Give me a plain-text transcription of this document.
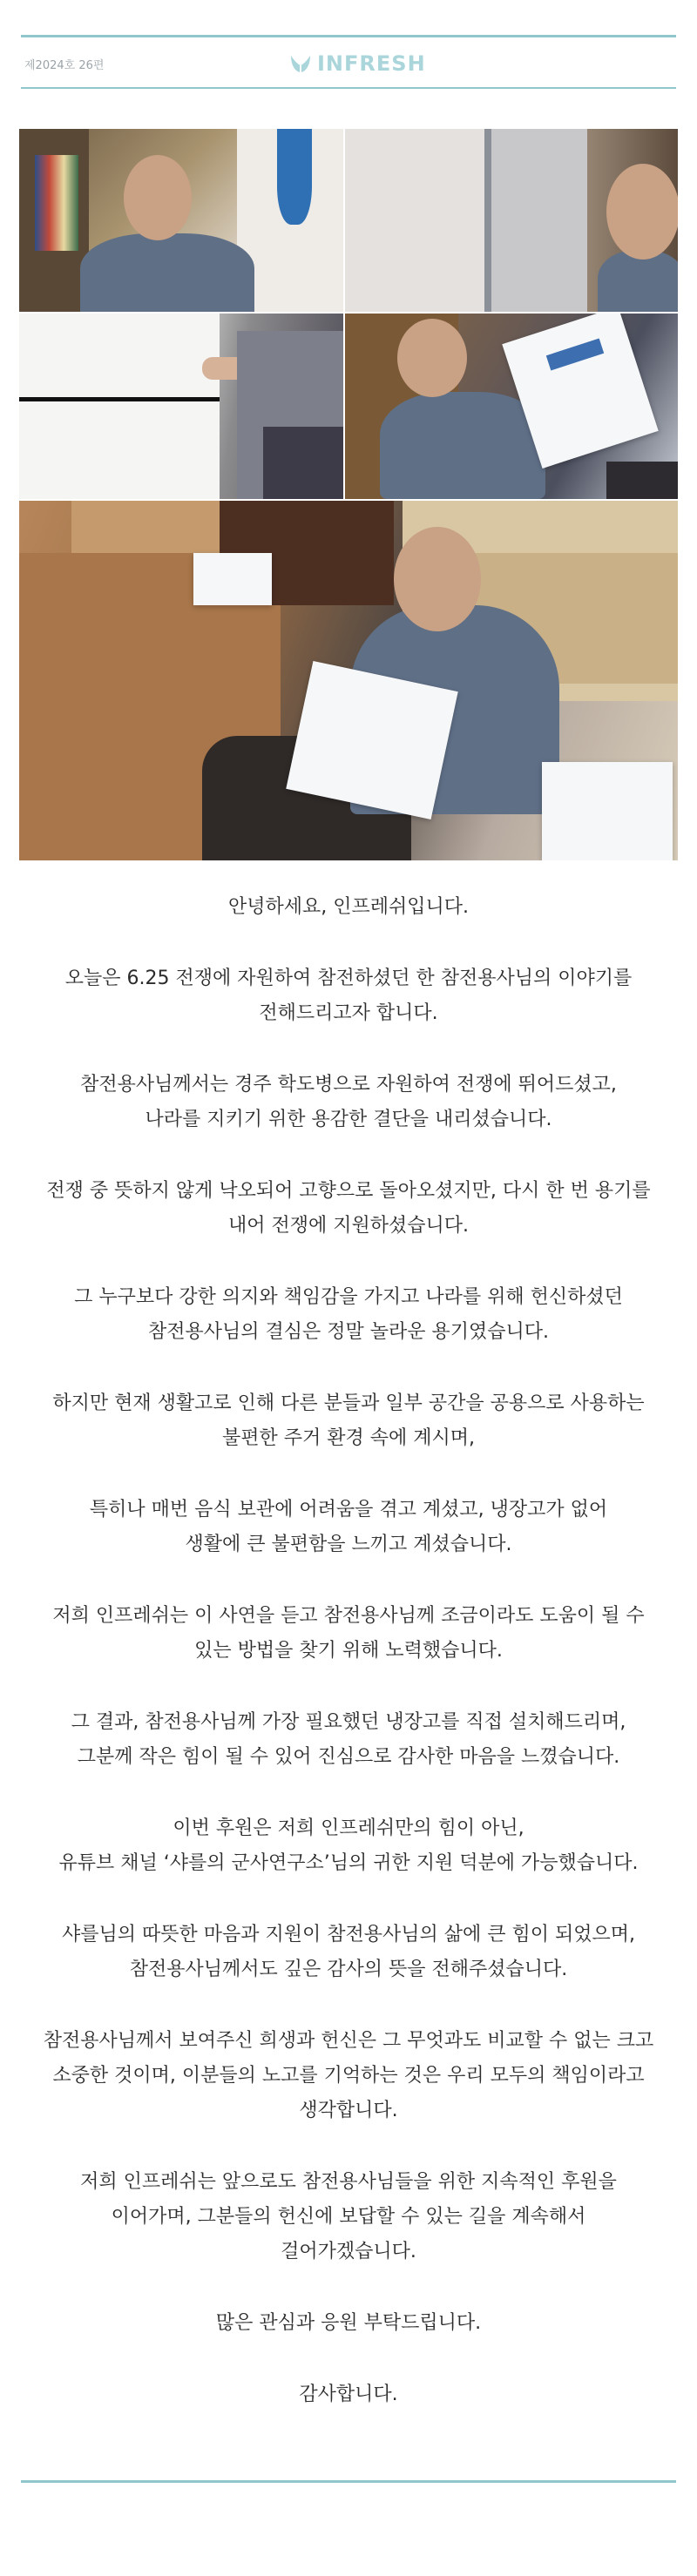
제2024호 26편	INFRESH

안녕하세요, 인프레쉬입니다.

오늘은 6.25 전쟁에 자원하여 참전하셨던 한 참전용사님의 이야기를

전해드리고자 합니다.

참전용사님께서는 경주 학도병으로 자원하여 전쟁에 뛰어드셨고,

나라를 지키기 위한 용감한 결단을 내리셨습니다.

전쟁 중 뜻하지 않게 낙오되어 고향으로 돌아오셨지만, 다시 한 번 용기를

내어 전쟁에 지원하셨습니다.

그 누구보다 강한 의지와 책임감을 가지고 나라를 위해 헌신하셨던

참전용사님의 결심은 정말 놀라운 용기였습니다.

하지만 현재 생활고로 인해 다른 분들과 일부 공간을 공용으로 사용하는

불편한 주거 환경 속에 계시며,

특히나 매번 음식 보관에 어려움을 겪고 계셨고, 냉장고가 없어

생활에 큰 불편함을 느끼고 계셨습니다.

저희 인프레쉬는 이 사연을 듣고 참전용사님께 조금이라도 도움이 될 수

있는 방법을 찾기 위해 노력했습니다.

그 결과, 참전용사님께 가장 필요했던 냉장고를 직접 설치해드리며,

그분께 작은 힘이 될 수 있어 진심으로 감사한 마음을 느꼈습니다.

이번 후원은 저희 인프레쉬만의 힘이 아닌,

유튜브 채널 ‘샤를의 군사연구소’님의 귀한 지원 덕분에 가능했습니다.

샤를님의 따뜻한 마음과 지원이 참전용사님의 삶에 큰 힘이 되었으며,

참전용사님께서도 깊은 감사의 뜻을 전해주셨습니다.

참전용사님께서 보여주신 희생과 헌신은 그 무엇과도 비교할 수 없는 크고

소중한 것이며, 이분들의 노고를 기억하는 것은 우리 모두의 책임이라고

생각합니다.

저희 인프레쉬는 앞으로도 참전용사님들을 위한 지속적인 후원을

이어가며, 그분들의 헌신에 보답할 수 있는 길을 계속해서

걸어가겠습니다.

많은 관심과 응원 부탁드립니다.

감사합니다.
